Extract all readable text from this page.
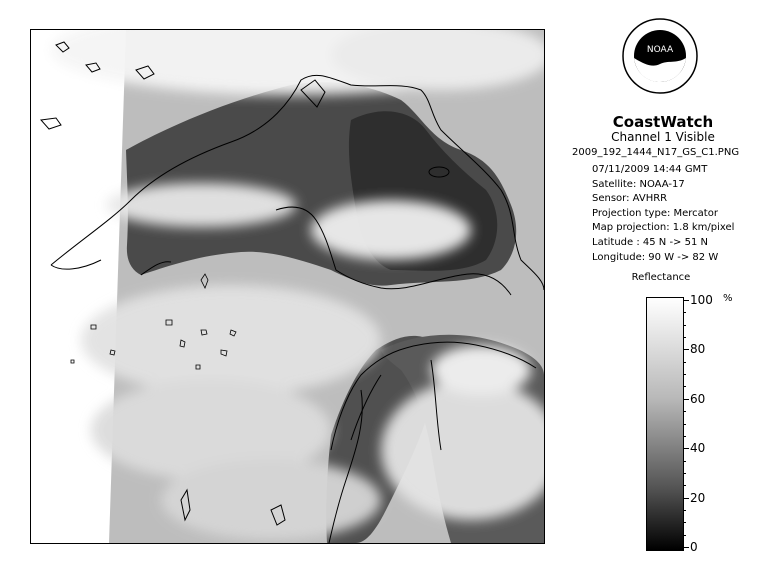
NOAA
CoastWatch
Channel 1 Visible
2009_192_1444_N17_GS_C1.PNG
07/11/2009 14:44 GMT
Satellite: NOAA-17
Sensor: AVHRR
Projection type: Mercator
Map projection: 1.8 km/pixel
Latitude : 45 N -> 51 N
Longitude: 90 W -> 82 W
Reflectance
%
100
80
60
40
20
0
